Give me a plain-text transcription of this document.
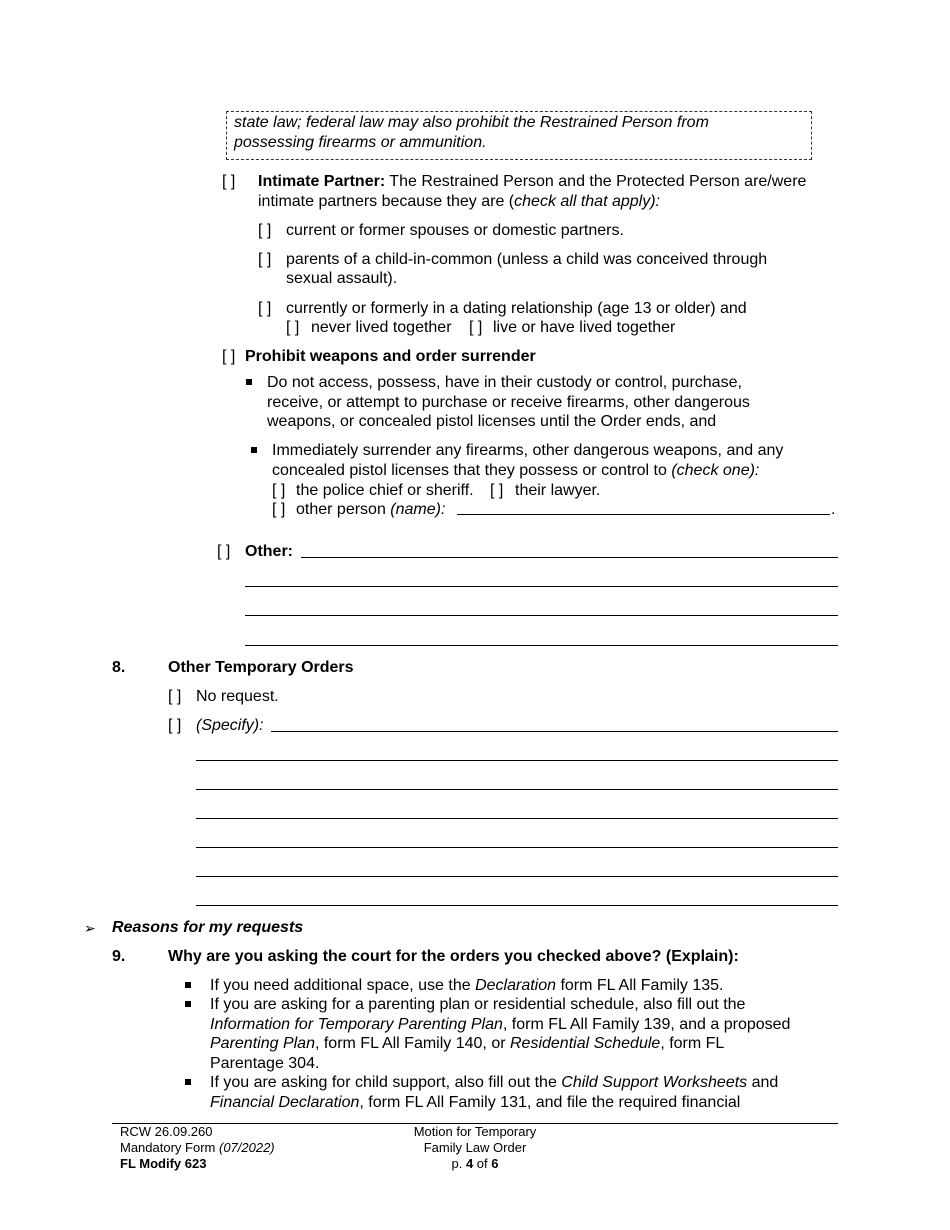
state law; federal law may also prohibit the Restrained Person from
possessing firearms or ammunition.
[ ] Intimate Partner: The Restrained Person and the Protected Person are/were
intimate partners because they are (check all that apply):
[ ] current or former spouses or domestic partners.
[ ] parents of a child-in-common (unless a child was conceived through
sexual assault).
[ ] currently or formerly in a dating relationship (age 13 or older) and
[ ] never lived together [ ] live or have lived together
[ ] Prohibit weapons and order surrender
Do not access, possess, have in their custody or control, purchase,
receive, or attempt to purchase or receive firearms, other dangerous
weapons, or concealed pistol licenses until the Order ends, and
Immediately surrender any firearms, other dangerous weapons, and any
concealed pistol licenses that they possess or control to (check one):
[ ] the police chief or sheriff. [ ] their lawyer.
[ ] other person (name):	.
[ ] Other:
8.	Other Temporary Orders
[ ] No request.
[ ] (Specify):
➢ Reasons for my requests
9.	Why are you asking the court for the orders you checked above? (Explain):
If you need additional space, use the Declaration form FL All Family 135.
If you are asking for a parenting plan or residential schedule, also fill out the
Information for Temporary Parenting Plan, form FL All Family 139, and a proposed
Parenting Plan, form FL All Family 140, or Residential Schedule, form FL
Parentage 304.
If you are asking for child support, also fill out the Child Support Worksheets and
Financial Declaration, form FL All Family 131, and file the required financial
RCW 26.09.260
Mandatory Form (07/2022)
FL Modify 623
Motion for Temporary
Family Law Order
p. 4 of 6
